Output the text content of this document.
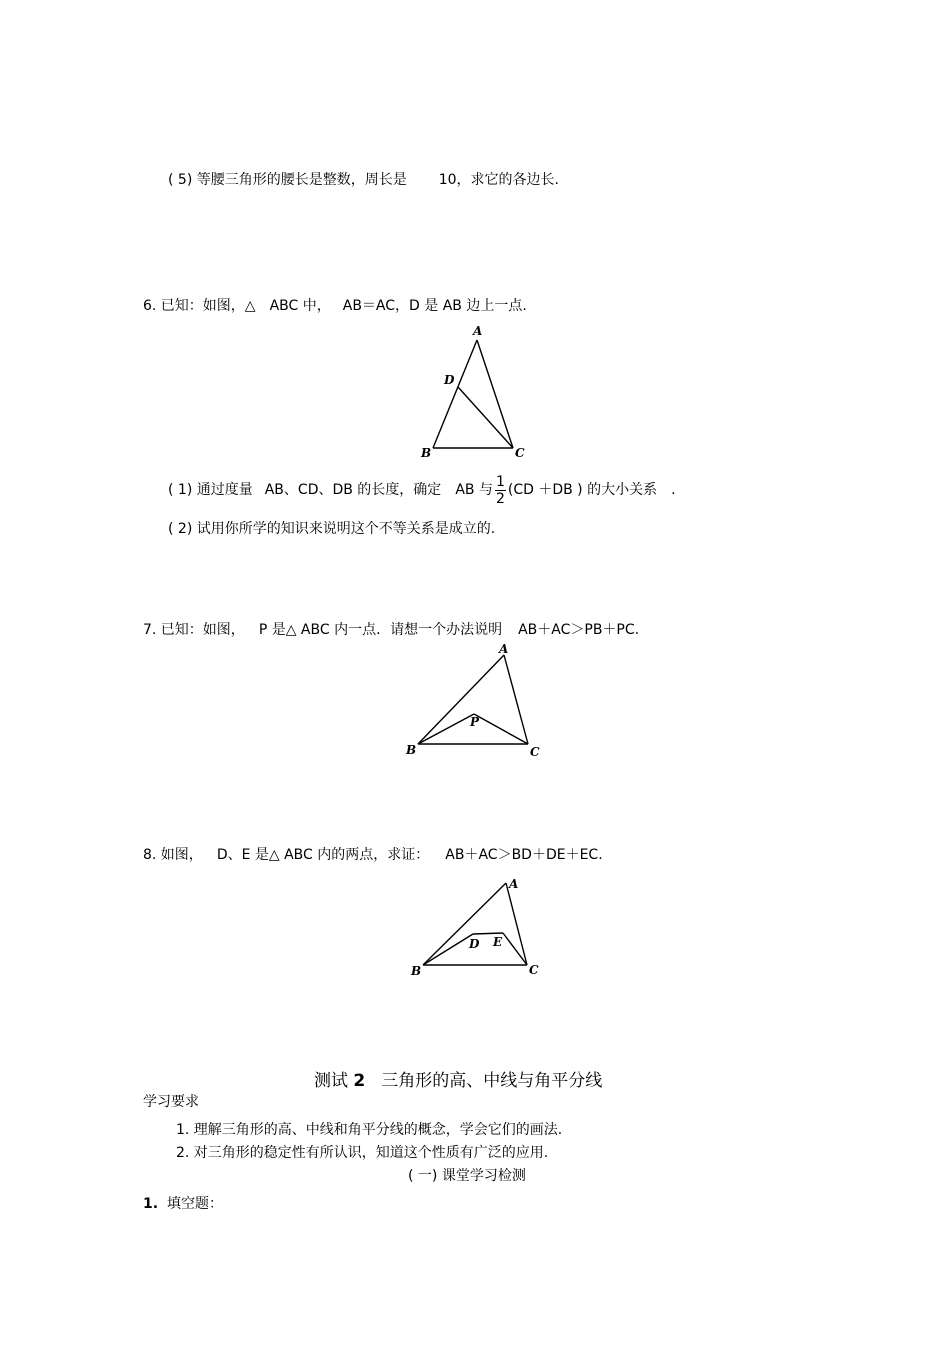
( 5) 等腰三角形的腰长是整数，周长是 10，求它的各边长.
6. 已知：如图，△ ABC 中， AB＝AC，D 是 AB 边上一点.
A
D
B	C
( 1) 通过度量 AB、CD、DB 的长度，确定 AB 与 $\frac{1}{2} (CD +DB$ ) 的大小关系 .
( 2) 试用你所学的知识来说明这个不等关系是成立的.
7. 已知：如图， P 是△ ABC 内一点．请想一个办法说明 AB＋AC＞PB＋PC.
A
P
B	C
8. 如图， D、E 是△ ABC 内的两点，求证： AB＋AC＞BD＋DE＋EC.
A
D E
B	C
测试 2 三角形的高、中线与角平分线
学习要求
1. 理解三角形的高、中线和角平分线的概念，学会它们的画法.
2. 对三角形的稳定性有所认识，知道这个性质有广泛的应用.
( 一) 课堂学习检测
1. 填空题：
